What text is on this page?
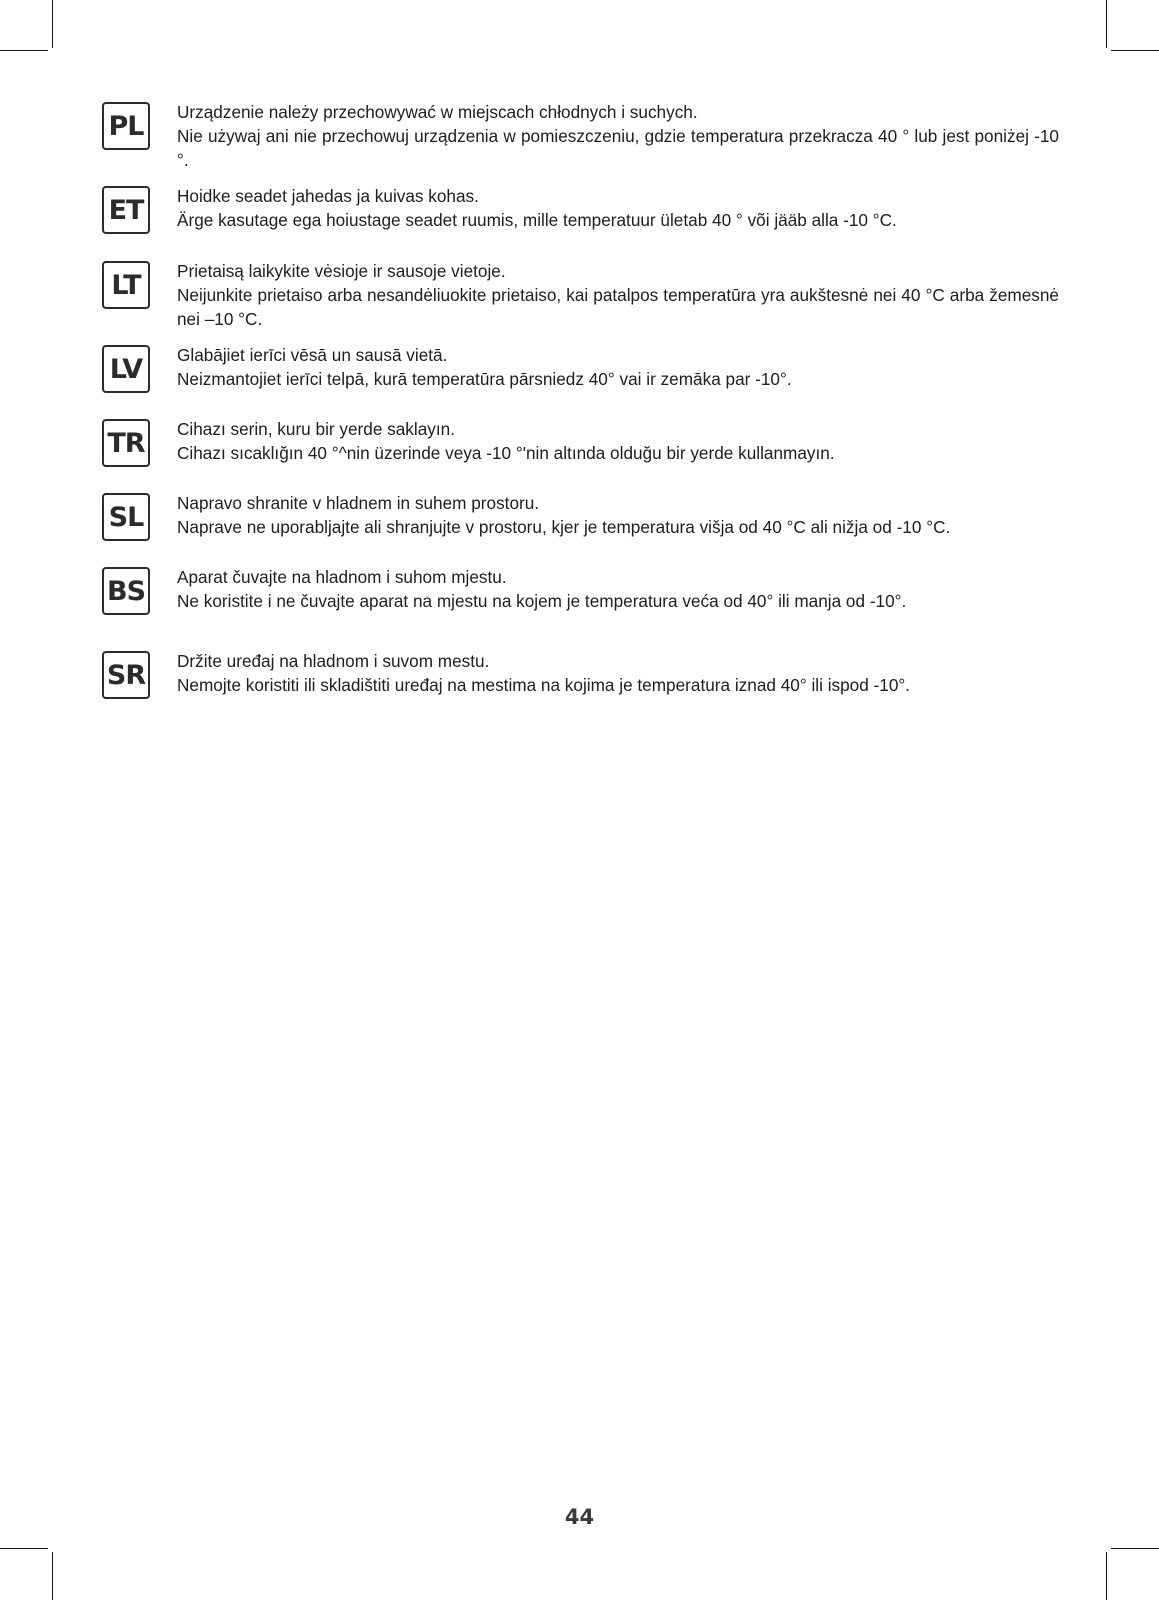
PL	Urządzenie należy przechowywać w miejscach chłodnych i suchych.

Nie używaj ani nie przechowuj urządzenia w pomieszczeniu, gdzie temperatura przekracza 40 ° lub jest poniżej -10 °.

ET	Hoidke seadet jahedas ja kuivas kohas.

Ärge kasutage ega hoiustage seadet ruumis, mille temperatuur ületab 40 ° või jääb alla -10 °C.

LT	Prietaisą laikykite vėsioje ir sausoje vietoje.

Neijunkite prietaiso arba nesandėliuokite prietaiso, kai patalpos temperatūra yra aukštesnė nei 40 °C arba žemesnė nei –10 °C.

LV	Glabājiet ierīci vēsā un sausā vietā.

Neizmantojiet ierīci telpā, kurā temperatūra pārsniedz 40° vai ir zemāka par -10°.

TR	Cihazı serin, kuru bir yerde saklayın.

Cihazı sıcaklığın 40 °^nin üzerinde veya -10 °'nin altında olduğu bir yerde kullanmayın.

SL	Napravo shranite v hladnem in suhem prostoru.

Naprave ne uporabljajte ali shranjujte v prostoru, kjer je temperatura višja od 40 °C ali nižja od -10 °C.

BS Aparat čuvajte na hladnom i suhom mjestu.

Ne koristite i ne čuvajte aparat na mjestu na kojem je temperatura veća od 40° ili manja od -10°.

SR Držite uređaj na hladnom i suvom mestu.

Nemojte koristiti ili skladištiti uređaj na mestima na kojima je temperatura iznad 40° ili ispod -10°.

44
